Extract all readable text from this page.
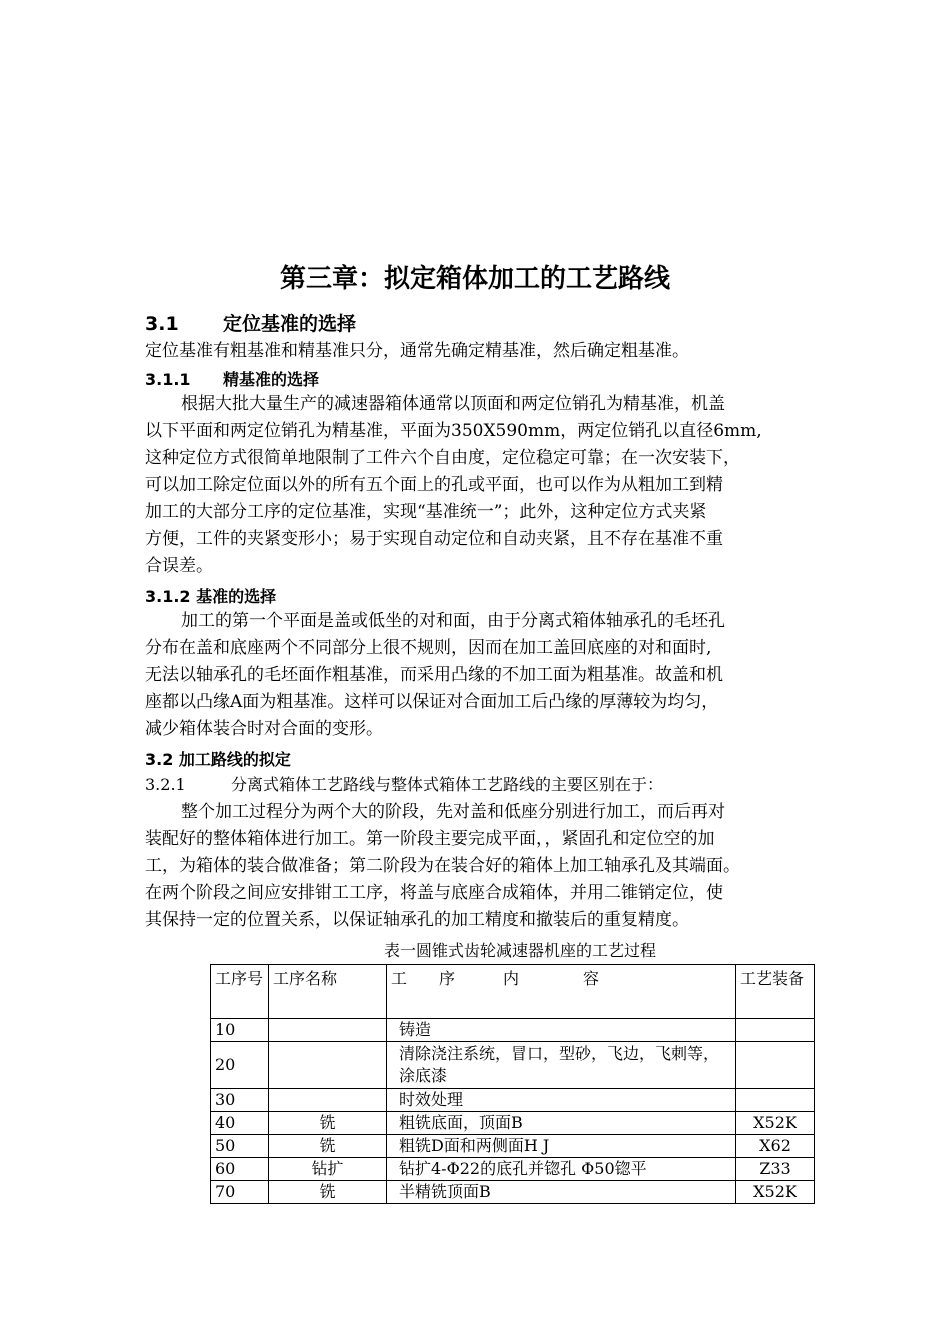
第三章：拟定箱体加工的工艺路线
3.1 定位基准的选择
定位基准有粗基准和精基准只分，通常先确定精基准，然后确定粗基准。
3.1.1 精基准的选择
根据大批大量生产的减速器箱体通常以顶面和两定位销孔为精基准，机盖
以下平面和两定位销孔为精基准，平面为350X590mm，两定位销孔以直径6mm,
这种定位方式很简单地限制了工件六个自由度，定位稳定可靠；在一次安装下，
可以加工除定位面以外的所有五个面上的孔或平面，也可以作为从粗加工到精
加工的大部分工序的定位基准，实现“基准统一”；此外，这种定位方式夹紧
方便，工件的夹紧变形小；易于实现自动定位和自动夹紧，且不存在基准不重
合误差。
3.1.2 基准的选择
加工的第一个平面是盖或低坐的对和面，由于分离式箱体轴承孔的毛坯孔
分布在盖和底座两个不同部分上很不规则，因而在加工盖回底座的对和面时,
无法以轴承孔的毛坯面作粗基准，而采用凸缘的不加工面为粗基准。故盖和机
座都以凸缘A面为粗基准。这样可以保证对合面加工后凸缘的厚薄较为均匀，
减少箱体装合时对合面的变形。
3.2 加工路线的拟定
3.2.1	分离式箱体工艺路线与整体式箱体工艺路线的主要区别在于：
整个加工过程分为两个大的阶段，先对盖和低座分别进行加工，而后再对
装配好的整体箱体进行加工。第一阶段主要完成平面，，紧固孔和定位空的加
工，为箱体的装合做准备；第二阶段为在装合好的箱体上加工轴承孔及其端面。
在两个阶段之间应安排钳工工序，将盖与底座合成箱体，并用二锥销定位，使
其保持一定的位置关系，以保证轴承孔的加工精度和撤装后的重复精度。
表一圆锥式齿轮减速器机座的工艺过程
工序号	工序名称	工　　序　　　内　　　　容	工艺装备
10		铸造	
20		清除浇注系统，冒口，型砂，飞边，飞刺等，涂底漆	
30		时效处理	
40	铣	粗铣底面，顶面B	X52K
50	铣	粗铣D面和两侧面H J	X62
60	钻扩	钻扩4-Φ22的底孔并锪孔 Φ50锪平	Z33
70	铣	半精铣顶面B	X52K
